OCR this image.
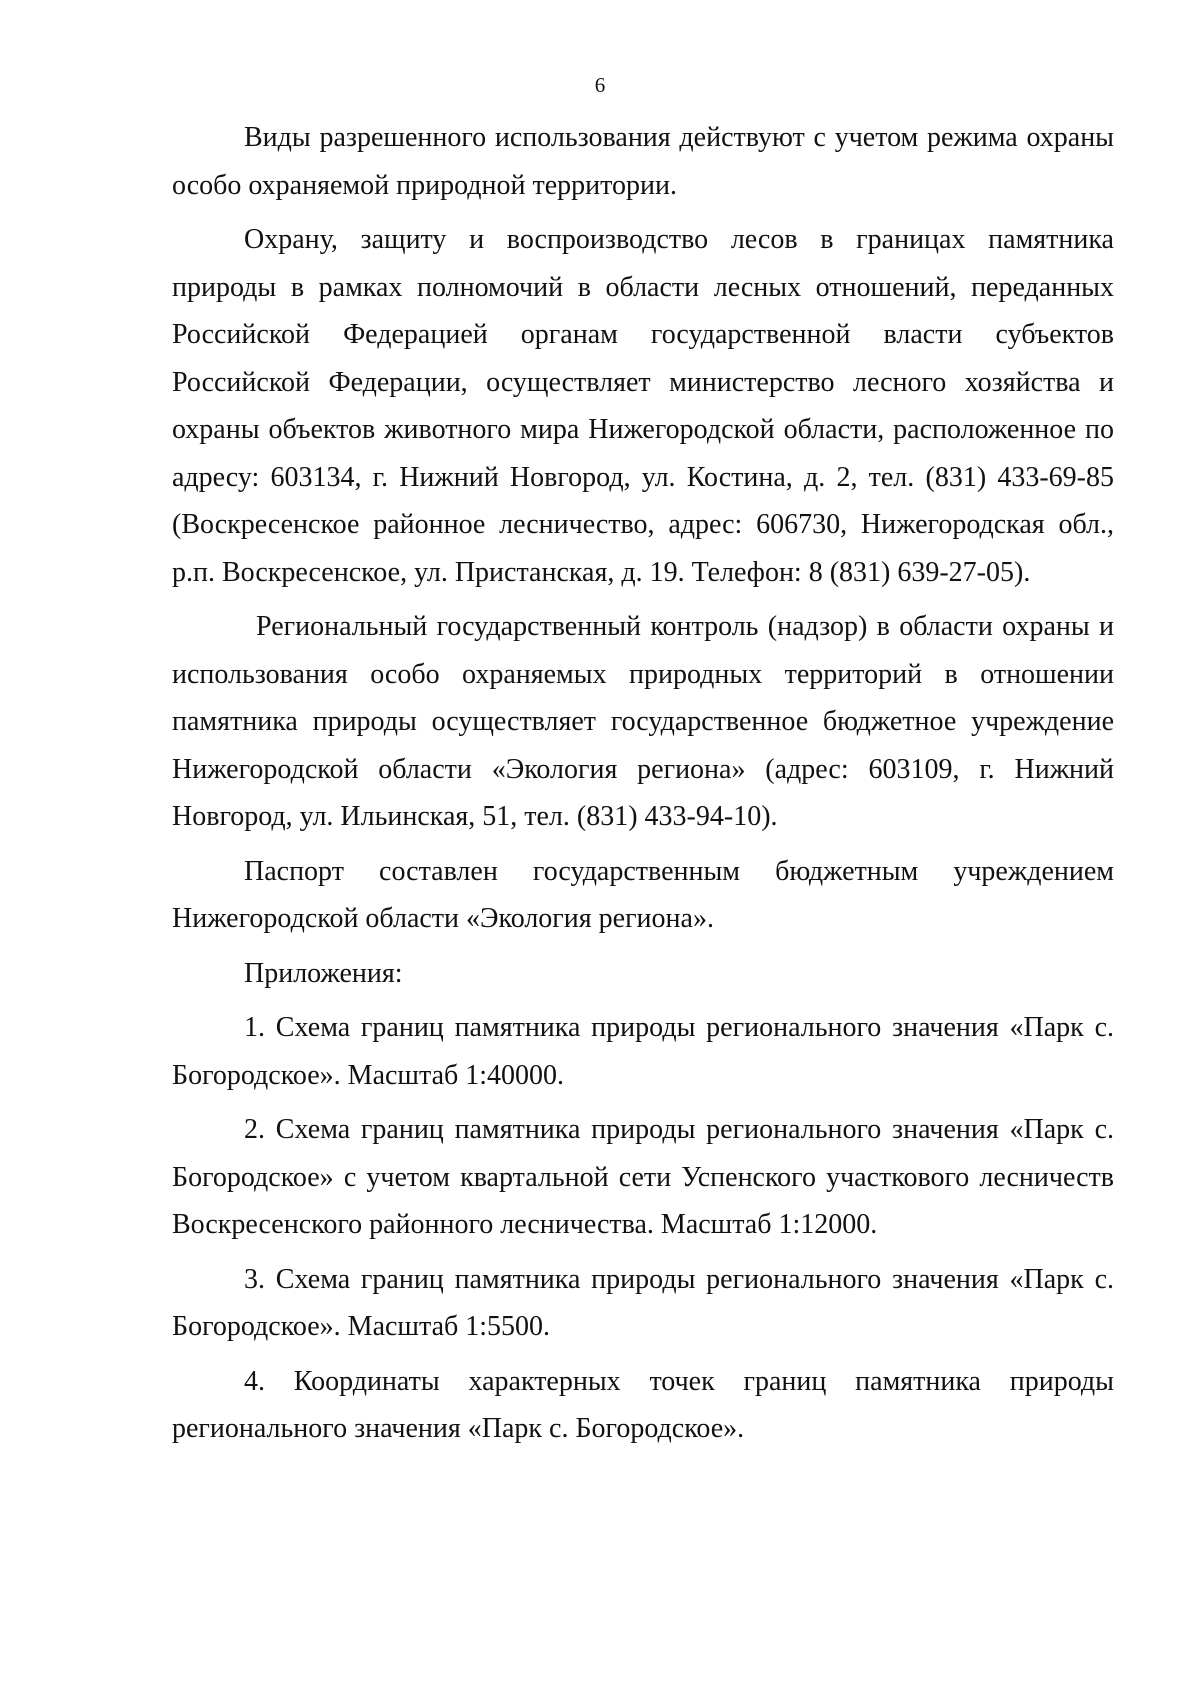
6

Виды разрешенного использования действуют с учетом режима охраны особо охраняемой природной территории.

Охрану, защиту и воспроизводство лесов в границах памятника природы в рамках полномочий в области лесных отношений, переданных Российской Федерацией органам государственной власти субъектов Российской Федерации, осуществляет министерство лесного хозяйства и охраны объектов животного мира Нижегородской области, расположенное по адресу: 603134, г. Нижний Новгород, ул. Костина, д. 2, тел. (831) 433-69-85 (Воскресенское районное лесничество, адрес: 606730, Нижегородская обл., р.п. Воскресенское, ул. Пристанская, д. 19. Телефон: 8 (831) 639-27-05).

Региональный государственный контроль (надзор) в области охраны и использования особо охраняемых природных территорий в отношении памятника природы осуществляет государственное бюджетное учреждение Нижегородской области «Экология региона» (адрес: 603109, г. Нижний Новгород, ул. Ильинская, 51, тел. (831) 433-94-10).

Паспорт составлен государственным бюджетным учреждением Нижегородской области «Экология региона».

Приложения:

1. Схема границ памятника природы регионального значения «Парк с. Богородское». Масштаб 1:40000.

2. Схема границ памятника природы регионального значения «Парк с. Богородское» с учетом квартальной сети Успенского участкового лесничеств Воскресенского районного лесничества. Масштаб 1:12000.

3. Схема границ памятника природы регионального значения «Парк с. Богородское». Масштаб 1:5500.

4. Координаты характерных точек границ памятника природы регионального значения «Парк с. Богородское».
